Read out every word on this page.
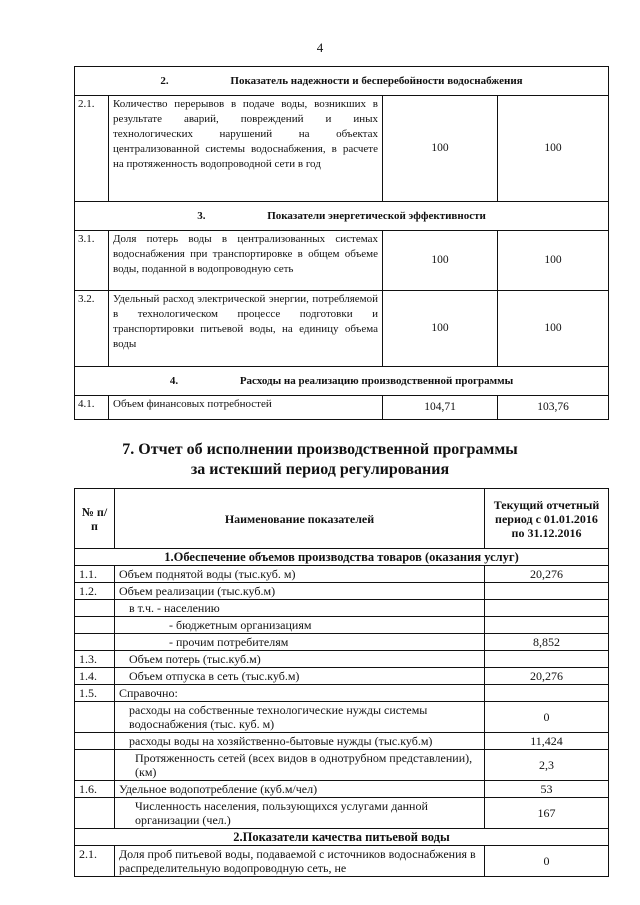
4
2. Показатель надежности и бесперебойности водоснабжения			
2.1.	Количество перерывов в подаче воды, возникших в результате аварий, повреждений и иных технологических нарушений на объектах централизованной системы водоснабжения, в расчете на протяженность водопроводной сети в год	100	100
3. Показатели энергетической эффективности			
3.1.	Доля потерь воды в централизованных системах водоснабжения при транспортировке в общем объеме воды, поданной в водопроводную сеть	100	100
3.2.	Удельный расход электрической энергии, потребляемой в технологическом процессе подготовки и транспортировки питьевой воды, на единицу объема воды	100	100
4. Расходы на реализацию производственной программы			
4.1.	Объем финансовых потребностей	104,71	103,76
7. Отчет об исполнении производственной программы
за истекший период регулирования
№ п/п	Наименование показателей	Текущий отчетный период с 01.01.2016 по 31.12.2016
1.Обеспечение объемов производства товаров (оказания услуг)		
1.1.	Объем поднятой воды (тыс.куб. м)	20,276
1.2.	Объем реализации (тыс.куб.м)	
	в т.ч. - населению	
	- бюджетным организациям	
	- прочим потребителям	8,852
1.3.	Объем потерь (тыс.куб.м)	
1.4.	Объем отпуска в сеть (тыс.куб.м)	20,276
1.5.	Справочно:	
	расходы на собственные технологические нужды системы водоснабжения (тыс. куб. м)	0
	расходы воды на хозяйственно-бытовые нужды (тыс.куб.м)	11,424
	Протяженность сетей (всех видов в однотрубном представлении), (км)	2,3
1.6.	Удельное водопотребление (куб.м/чел)	53
	Численность населения, пользующихся услугами данной организации (чел.)	167
2.Показатели качества питьевой воды		
2.1.	Доля проб питьевой воды, подаваемой с источников водоснабжения в распределительную водопроводную сеть, не	0
